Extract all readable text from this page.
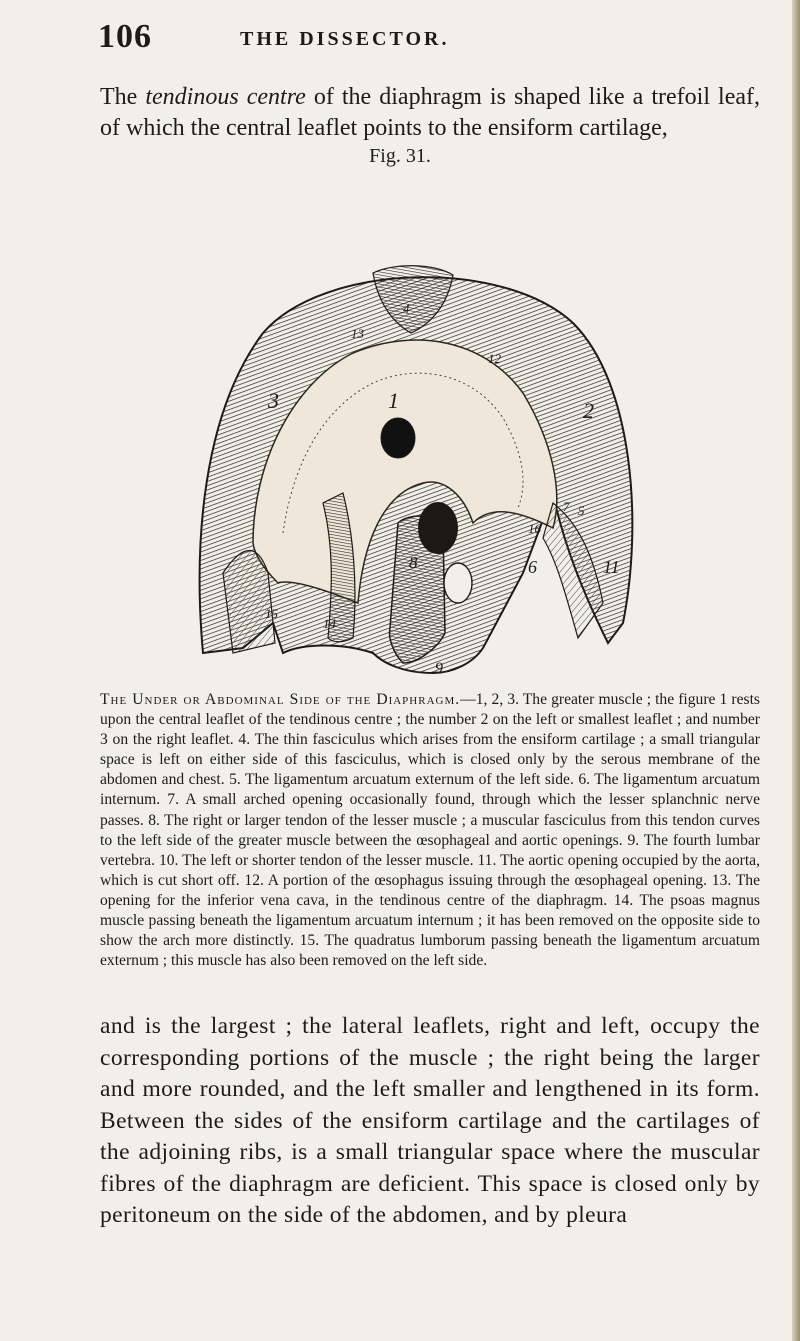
106	THE DISSECTOR.

The tendinous centre of the diaphragm is shaped like a trefoil leaf, of which the central leaflet points to the ensiform cartilage,

Fig. 31.
13
12
4
3	2
1
7 5
16
6	11
8
15
14
9

The Under or Abdominal Side of the Diaphragm.—1, 2, 3. The greater muscle ; the figure 1 rests upon the central leaflet of the tendinous centre ; the number 2 on the left or smallest leaflet ; and number 3 on the right leaflet. 4. The thin fasciculus which arises from the ensiform cartilage ; a small triangular space is left on either side of this fasciculus, which is closed only by the serous membrane of the abdomen and chest. 5. The ligamentum arcuatum externum of the left side. 6. The ligamentum arcuatum internum. 7. A small arched opening occasionally found, through which the lesser splanchnic nerve passes. 8. The right or larger tendon of the lesser muscle ; a muscular fasciculus from this tendon curves to the left side of the greater muscle between the œsophageal and aortic openings. 9. The fourth lumbar vertebra. 10. The left or shorter tendon of the lesser muscle. 11. The aortic opening occupied by the aorta, which is cut short off. 12. A portion of the œsophagus issuing through the œsophageal opening. 13. The opening for the inferior vena cava, in the tendinous centre of the diaphragm. 14. The psoas magnus muscle passing beneath the ligamentum arcuatum internum ; it has been removed on the opposite side to show the arch more distinctly. 15. The quadratus lumborum passing beneath the ligamentum arcuatum externum ; this muscle has also been removed on the left side.

and is the largest ; the lateral leaflets, right and left, occupy the corresponding portions of the muscle ; the right being the larger and more rounded, and the left smaller and lengthened in its form. Between the sides of the ensiform cartilage and the cartilages of the adjoining ribs, is a small triangular space where the muscular fibres of the diaphragm are deficient. This space is closed only by peritoneum on the side of the abdomen, and by pleura
